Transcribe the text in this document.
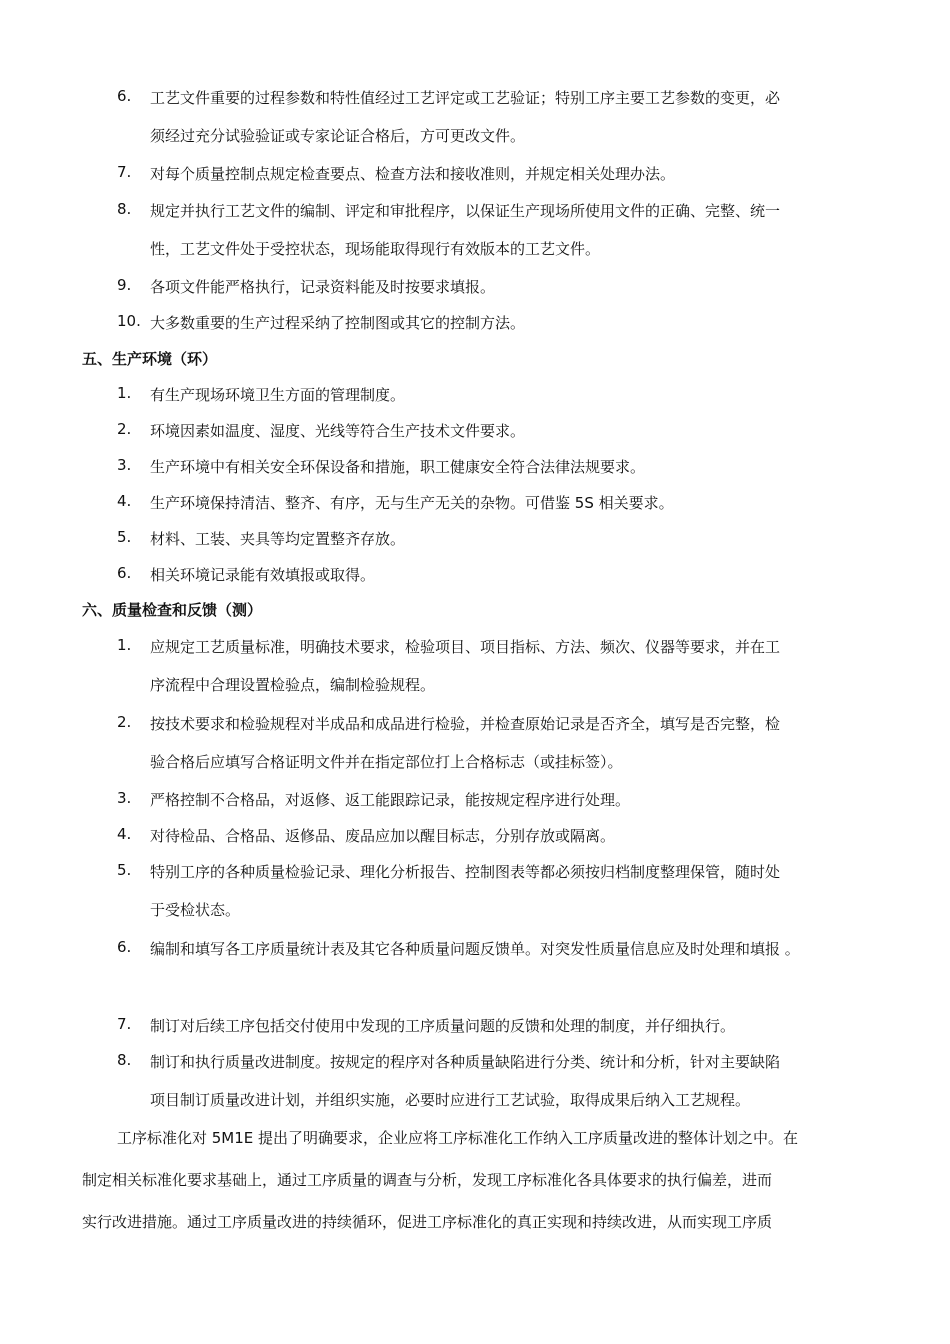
6.	工艺文件重要的过程参数和特性值经过工艺评定或工艺验证；特别工序主要工艺参数的变更，必
须经过充分试验验证或专家论证合格后，方可更改文件。
7.	对每个质量控制点规定检查要点、检查方法和接收准则，并规定相关处理办法。
8.	规定并执行工艺文件的编制、评定和审批程序，以保证生产现场所使用文件的正确、完整、统一
性，工艺文件处于受控状态，现场能取得现行有效版本的工艺文件。
9.	各项文件能严格执行，记录资料能及时按要求填报。
10. 大多数重要的生产过程采纳了控制图或其它的控制方法。
五、生产环境（环）
1.	有生产现场环境卫生方面的管理制度。
2.	环境因素如温度、湿度、光线等符合生产技术文件要求。
3.	生产环境中有相关安全环保设备和措施，职工健康安全符合法律法规要求。
4.	生产环境保持清洁、整齐、有序，无与生产无关的杂物。可借鉴 5S 相关要求。
5.	材料、工装、夹具等均定置整齐存放。
6.	相关环境记录能有效填报或取得。
六、质量检查和反馈（测）
1.	应规定工艺质量标准，明确技术要求，检验项目、项目指标、方法、频次、仪器等要求，并在工
序流程中合理设置检验点，编制检验规程。
2.	按技术要求和检验规程对半成品和成品进行检验，并检查原始记录是否齐全，填写是否完整，检
验合格后应填写合格证明文件并在指定部位打上合格标志（或挂标签）。
3.	严格控制不合格品，对返修、返工能跟踪记录，能按规定程序进行处理。
4.	对待检品、合格品、返修品、废品应加以醒目标志，分别存放或隔离。
5.	特别工序的各种质量检验记录、理化分析报告、控制图表等都必须按归档制度整理保管，随时处
于受检状态。
6.	编制和填写各工序质量统计表及其它各种质量问题反馈单。对突发性质量信息应及时处理和填报 。
7.	制订对后续工序包括交付使用中发现的工序质量问题的反馈和处理的制度，并仔细执行。
8.	制订和执行质量改进制度。按规定的程序对各种质量缺陷进行分类、统计和分析，针对主要缺陷
项目制订质量改进计划，并组织实施，必要时应进行工艺试验，取得成果后纳入工艺规程。
工序标准化对 5M1E 提出了明确要求，企业应将工序标准化工作纳入工序质量改进的整体计划之中。在
制定相关标准化要求基础上，通过工序质量的调查与分析，发现工序标准化各具体要求的执行偏差，进而
实行改进措施。通过工序质量改进的持续循环，促进工序标准化的真正实现和持续改进，从而实现工序质
